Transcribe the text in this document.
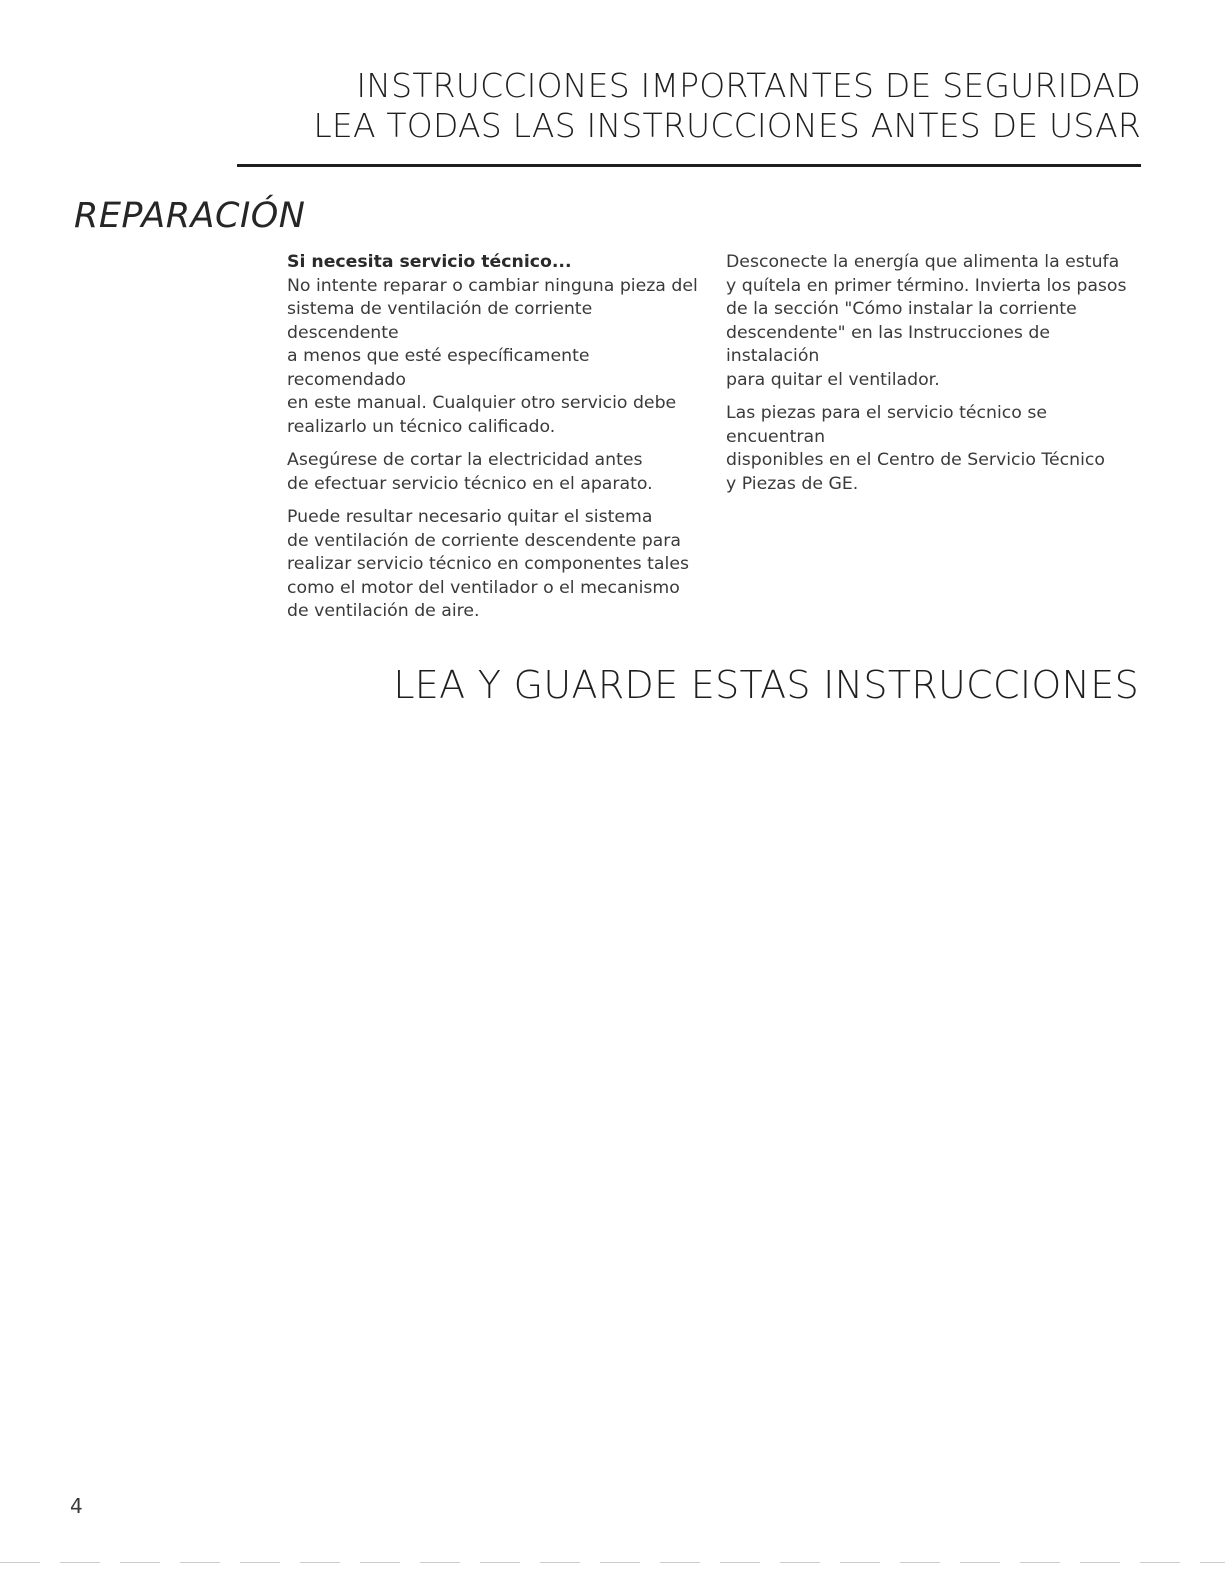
INSTRUCCIONES IMPORTANTES DE SEGURIDAD
LEA TODAS LAS INSTRUCCIONES ANTES DE USAR
REPARACIÓN
Si necesita servicio técnico...

No intente reparar o cambiar ninguna pieza del
sistema de ventilación de corriente descendente
a menos que esté específicamente recomendado
en este manual. Cualquier otro servicio debe
realizarlo un técnico calificado.

Asegúrese de cortar la electricidad antes
de efectuar servicio técnico en el aparato.

Puede resultar necesario quitar el sistema
de ventilación de corriente descendente para
realizar servicio técnico en componentes tales
como el motor del ventilador o el mecanismo
de ventilación de aire.

Desconecte la energía que alimenta la estufa
y quítela en primer término. Invierta los pasos
de la sección "Cómo instalar la corriente
descendente" en las Instrucciones de instalación
para quitar el ventilador.

Las piezas para el servicio técnico se encuentran
disponibles en el Centro de Servicio Técnico
y Piezas de GE.

LEA Y GUARDE ESTAS INSTRUCCIONES
4
